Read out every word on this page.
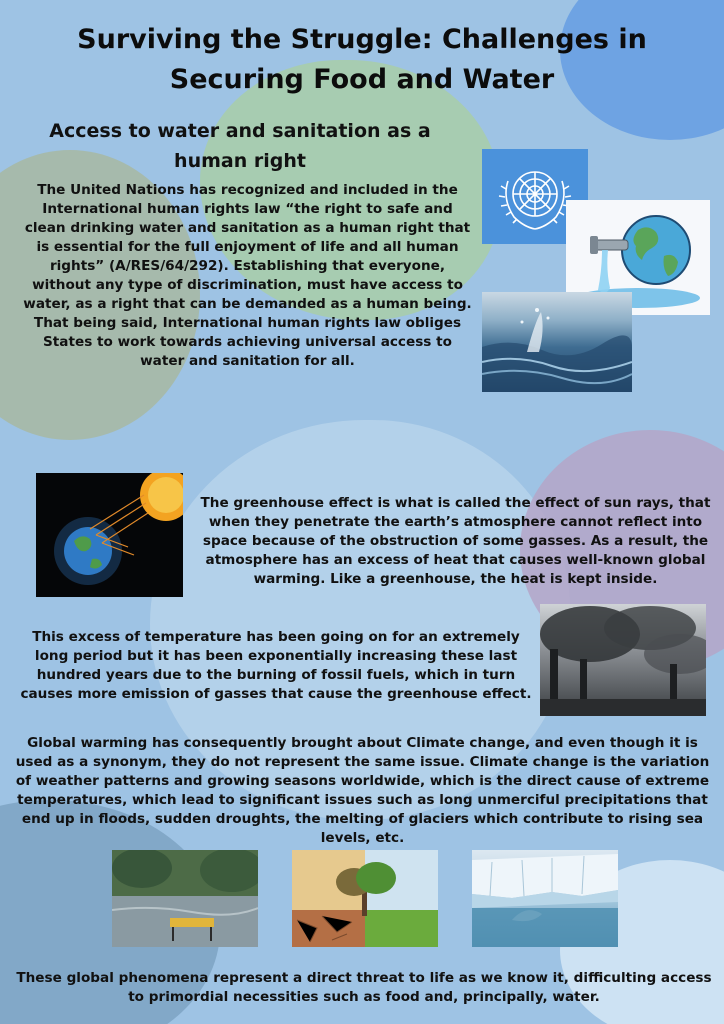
Surviving the Struggle: Challenges in Securing Food and Water
Access to water and sanitation as a human right

The United Nations has recognized and included in the International human rights law “the right to safe and clean drinking water and sanitation as a human right that is essential for the full enjoyment of life and all human rights” (A/RES/64/292). Establishing that everyone, without any type of discrimination, must have access to water, as a right that can be demanded as a human being. That being said, International human rights law obliges States to work towards achieving universal access to water and sanitation for all.

The greenhouse effect is what is called the effect of sun rays, that when they penetrate the earth’s atmosphere cannot reflect into space because of the obstruction of some gasses. As a result, the atmosphere has an excess of heat that causes well-known global warming. Like a greenhouse, the heat is kept inside.

This excess of temperature has been going on for an extremely long period but it has been exponentially increasing these last hundred years due to the burning of fossil fuels, which in turn causes more emission of gasses that cause the greenhouse effect.

Global warming has consequently brought about Climate change, and even though it is used as a synonym, they do not represent the same issue. Climate change is the variation of weather patterns and growing seasons worldwide, which is the direct cause of extreme temperatures, which lead to significant issues such as long unmerciful precipitations that end up in floods, sudden droughts, the melting of glaciers which contribute to rising sea levels, etc.

These global phenomena represent a direct threat to life as we know it, difficulting access to primordial necessities such as food and, principally, water.
